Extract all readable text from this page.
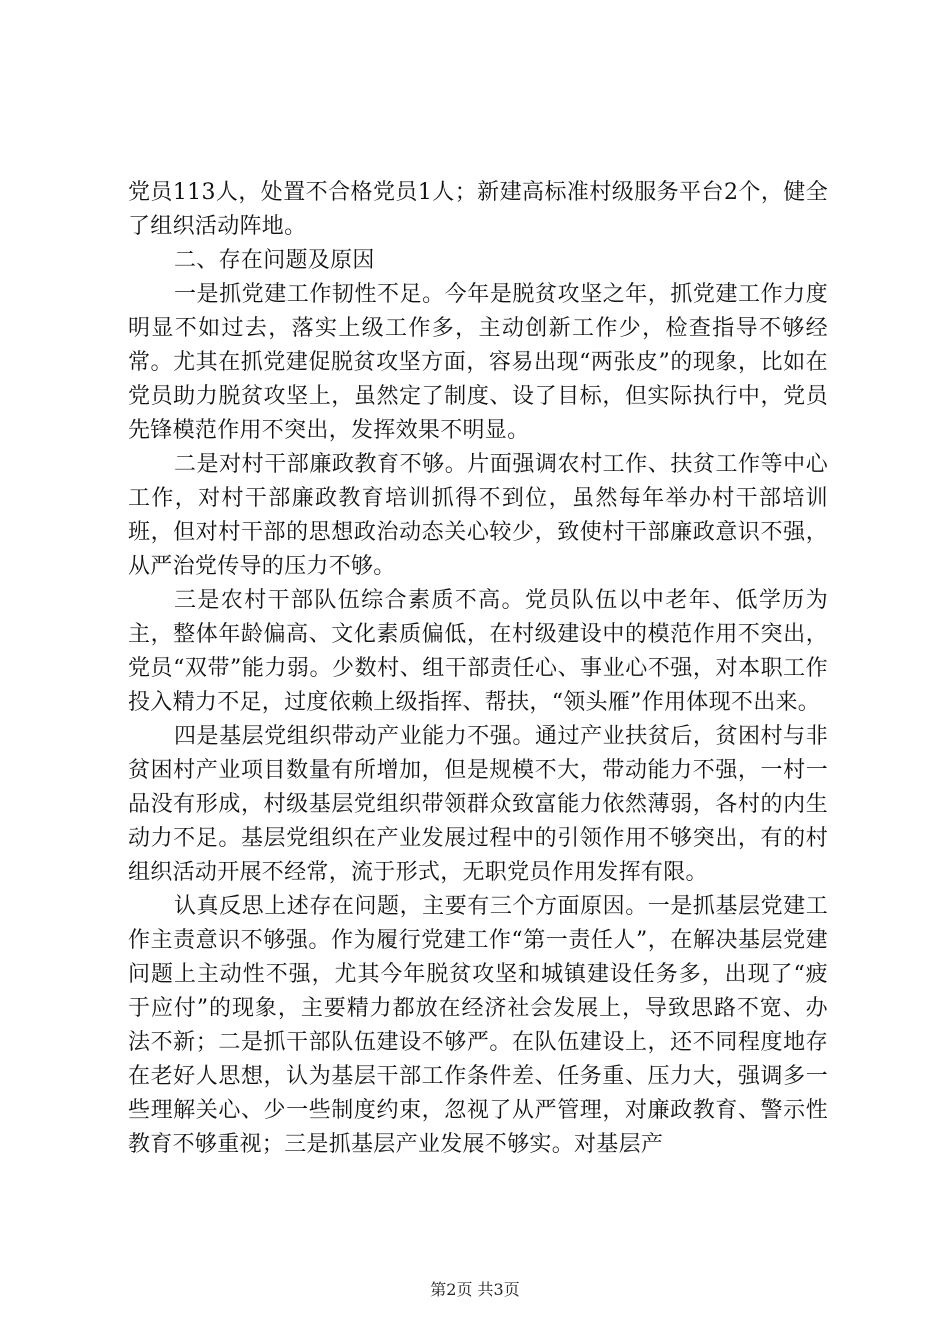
党员113人，处置不合格党员1人；新建高标准村级服务平台2个，健全了组织活动阵地。

二、存在问题及原因

一是抓党建工作韧性不足。今年是脱贫攻坚之年，抓党建工作力度明显不如过去，落实上级工作多，主动创新工作少，检查指导不够经常。尤其在抓党建促脱贫攻坚方面，容易出现“两张皮”的现象，比如在党员助力脱贫攻坚上，虽然定了制度、设了目标，但实际执行中，党员先锋模范作用不突出，发挥效果不明显。

二是对村干部廉政教育不够。片面强调农村工作、扶贫工作等中心工作，对村干部廉政教育培训抓得不到位，虽然每年举办村干部培训班，但对村干部的思想政治动态关心较少，致使村干部廉政意识不强，从严治党传导的压力不够。

三是农村干部队伍综合素质不高。党员队伍以中老年、低学历为主，整体年龄偏高、文化素质偏低，在村级建设中的模范作用不突出，党员“双带”能力弱。少数村、组干部责任心、事业心不强，对本职工作投入精力不足，过度依赖上级指挥、帮扶，“领头雁”作用体现不出来。

四是基层党组织带动产业能力不强。通过产业扶贫后，贫困村与非贫困村产业项目数量有所增加，但是规模不大，带动能力不强，一村一品没有形成，村级基层党组织带领群众致富能力依然薄弱，各村的内生动力不足。基层党组织在产业发展过程中的引领作用不够突出，有的村组织活动开展不经常，流于形式，无职党员作用发挥有限。

认真反思上述存在问题，主要有三个方面原因。一是抓基层党建工作主责意识不够强。作为履行党建工作“第一责任人”，在解决基层党建问题上主动性不强，尤其今年脱贫攻坚和城镇建设任务多，出现了“疲于应付”的现象，主要精力都放在经济社会发展上，导致思路不宽、办法不新；二是抓干部队伍建设不够严。在队伍建设上，还不同程度地存在老好人思想，认为基层干部工作条件差、任务重、压力大，强调多一些理解关心、少一些制度约束，忽视了从严管理，对廉政教育、警示性教育不够重视；三是抓基层产业发展不够实。对基层产

第2页 共3页
